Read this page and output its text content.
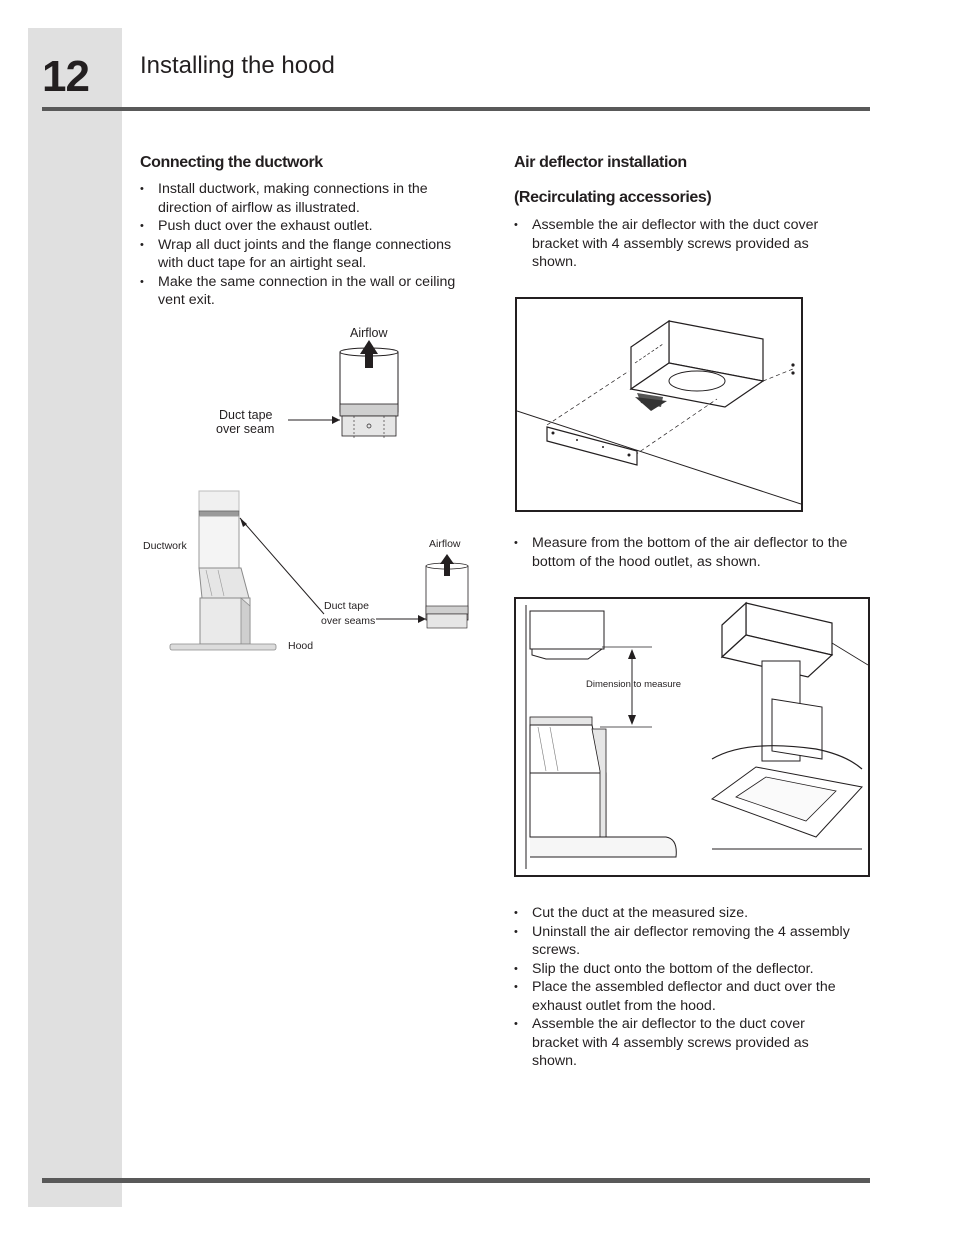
12 Installing the hood
Connecting the ductwork
• Install ductwork, making connections in the direction of airflow as illustrated.
• Push duct over the exhaust outlet.
• Wrap all duct joints and the flange connections with duct tape for an airtight seal.
• Make the same connection in the wall or ceiling vent exit.
Airflow
Duct tape
over seam
Ductwork	Airflow
Duct tape
over seams
Hood
Air deflector installation
(Recirculating accessories)
• Assemble the air deflector with the duct cover bracket with 4 assembly screws provided as shown.
• Measure from the bottom of the air deflector to the bottom of the hood outlet, as shown.
Dimension to measure
• Cut the duct at the measured size.
• Uninstall the air deflector removing the 4 assembly screws.
• Slip the duct onto the bottom of the deflector.
• Place the assembled deflector and duct over the exhaust outlet from the hood.
• Assemble the air deflector to the duct cover bracket with 4 assembly screws provided as shown.
